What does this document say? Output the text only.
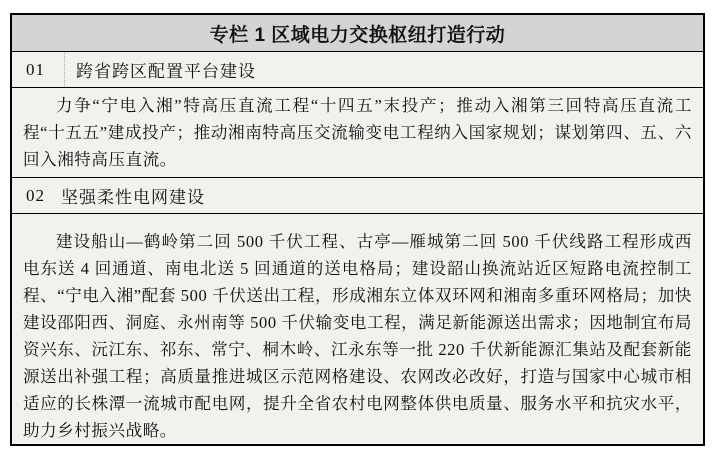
专栏 1 区域电力交换枢纽打造行动
01 跨省跨区配置平台建设

力争“宁电入湘”特高压直流工程“十四五”末投产；推动入湘第三回特高压直流工程“十五五”建成投产；推动湘南特高压交流输变电工程纳入国家规划；谋划第四、五、六回入湘特高压直流。

02 坚强柔性电网建设

建设船山—鹤岭第二回 500 千伏工程、古亭—雁城第二回 500 千伏线路工程形成西电东送 4 回通道、南电北送 5 回通道的送电格局；建设韶山换流站近区短路电流控制工程、“宁电入湘”配套 500 千伏送出工程，形成湘东立体双环网和湘南多重环网格局；加快建设邵阳西、洞庭、永州南等 500 千伏输变电工程，满足新能源送出需求；因地制宜布局资兴东、沅江东、祁东、常宁、桐木岭、江永东等一批 220 千伏新能源汇集站及配套新能源送出补强工程；高质量推进城区示范网格建设、农网改必改好，打造与国家中心城市相适应的长株潭一流城市配电网，提升全省农村电网整体供电质量、服务水平和抗灾水平，助力乡村振兴战略。
